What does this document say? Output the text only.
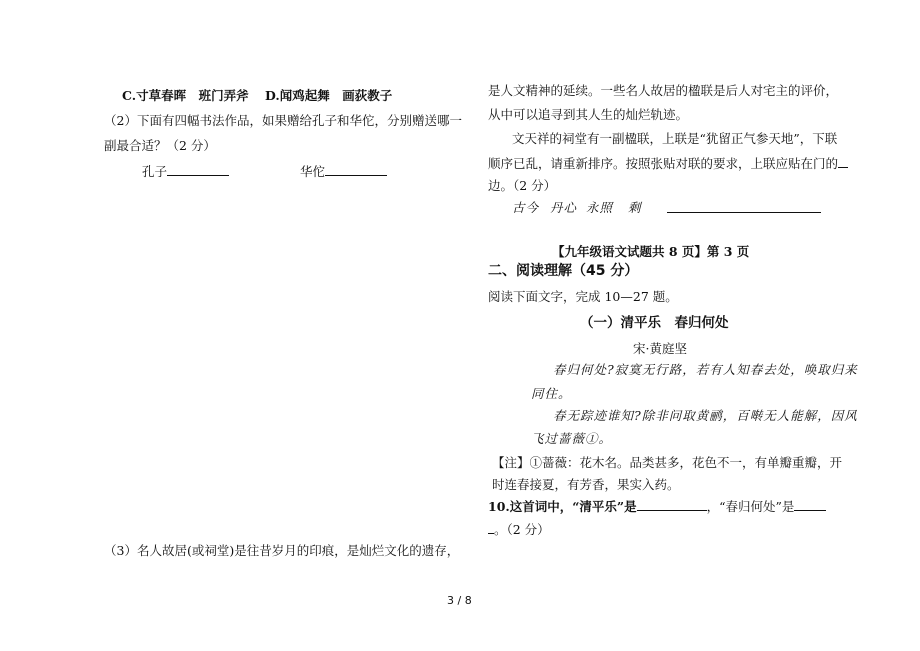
C.寸草春晖　班门弄斧 D.闻鸡起舞　画荻教子
（2）下面有四幅书法作品，如果赠给孔子和华佗，分别赠送哪一
副最合适？（2 分）
孔子	华佗
（3）名人故居(或祠堂)是往昔岁月的印痕，是灿烂文化的遗存，
是人文精神的延续。一些名人故居的楹联是后人对宅主的评价，
从中可以追寻到其人生的灿烂轨迹。
文天祥的祠堂有一副楹联，上联是“犹留正气参天地”，下联
顺序已乱，请重新排序。按照张贴对联的要求，上联应贴在门的
边。（2 分）
古今 丹心 永照 剩
【九年级语文试题共 8 页】第 3 页
二、阅读理解（45 分）
阅读下面文字，完成 10—27 题。
（一）清平乐　春归何处
宋·黄庭坚
春归何处?寂寞无行路，若有人知春去处，唤取归来
同住。
春无踪迹谁知?除非问取黄鹂，百啭无人能解，因风
飞过蔷薇①。
【注】①蔷薇：花木名。品类甚多，花色不一，有单瓣重瓣，开
时连春接夏，有芳香，果实入药。
10.这首词中，“清平乐”是	，“春归何处”是
。（2 分）
3 / 8
